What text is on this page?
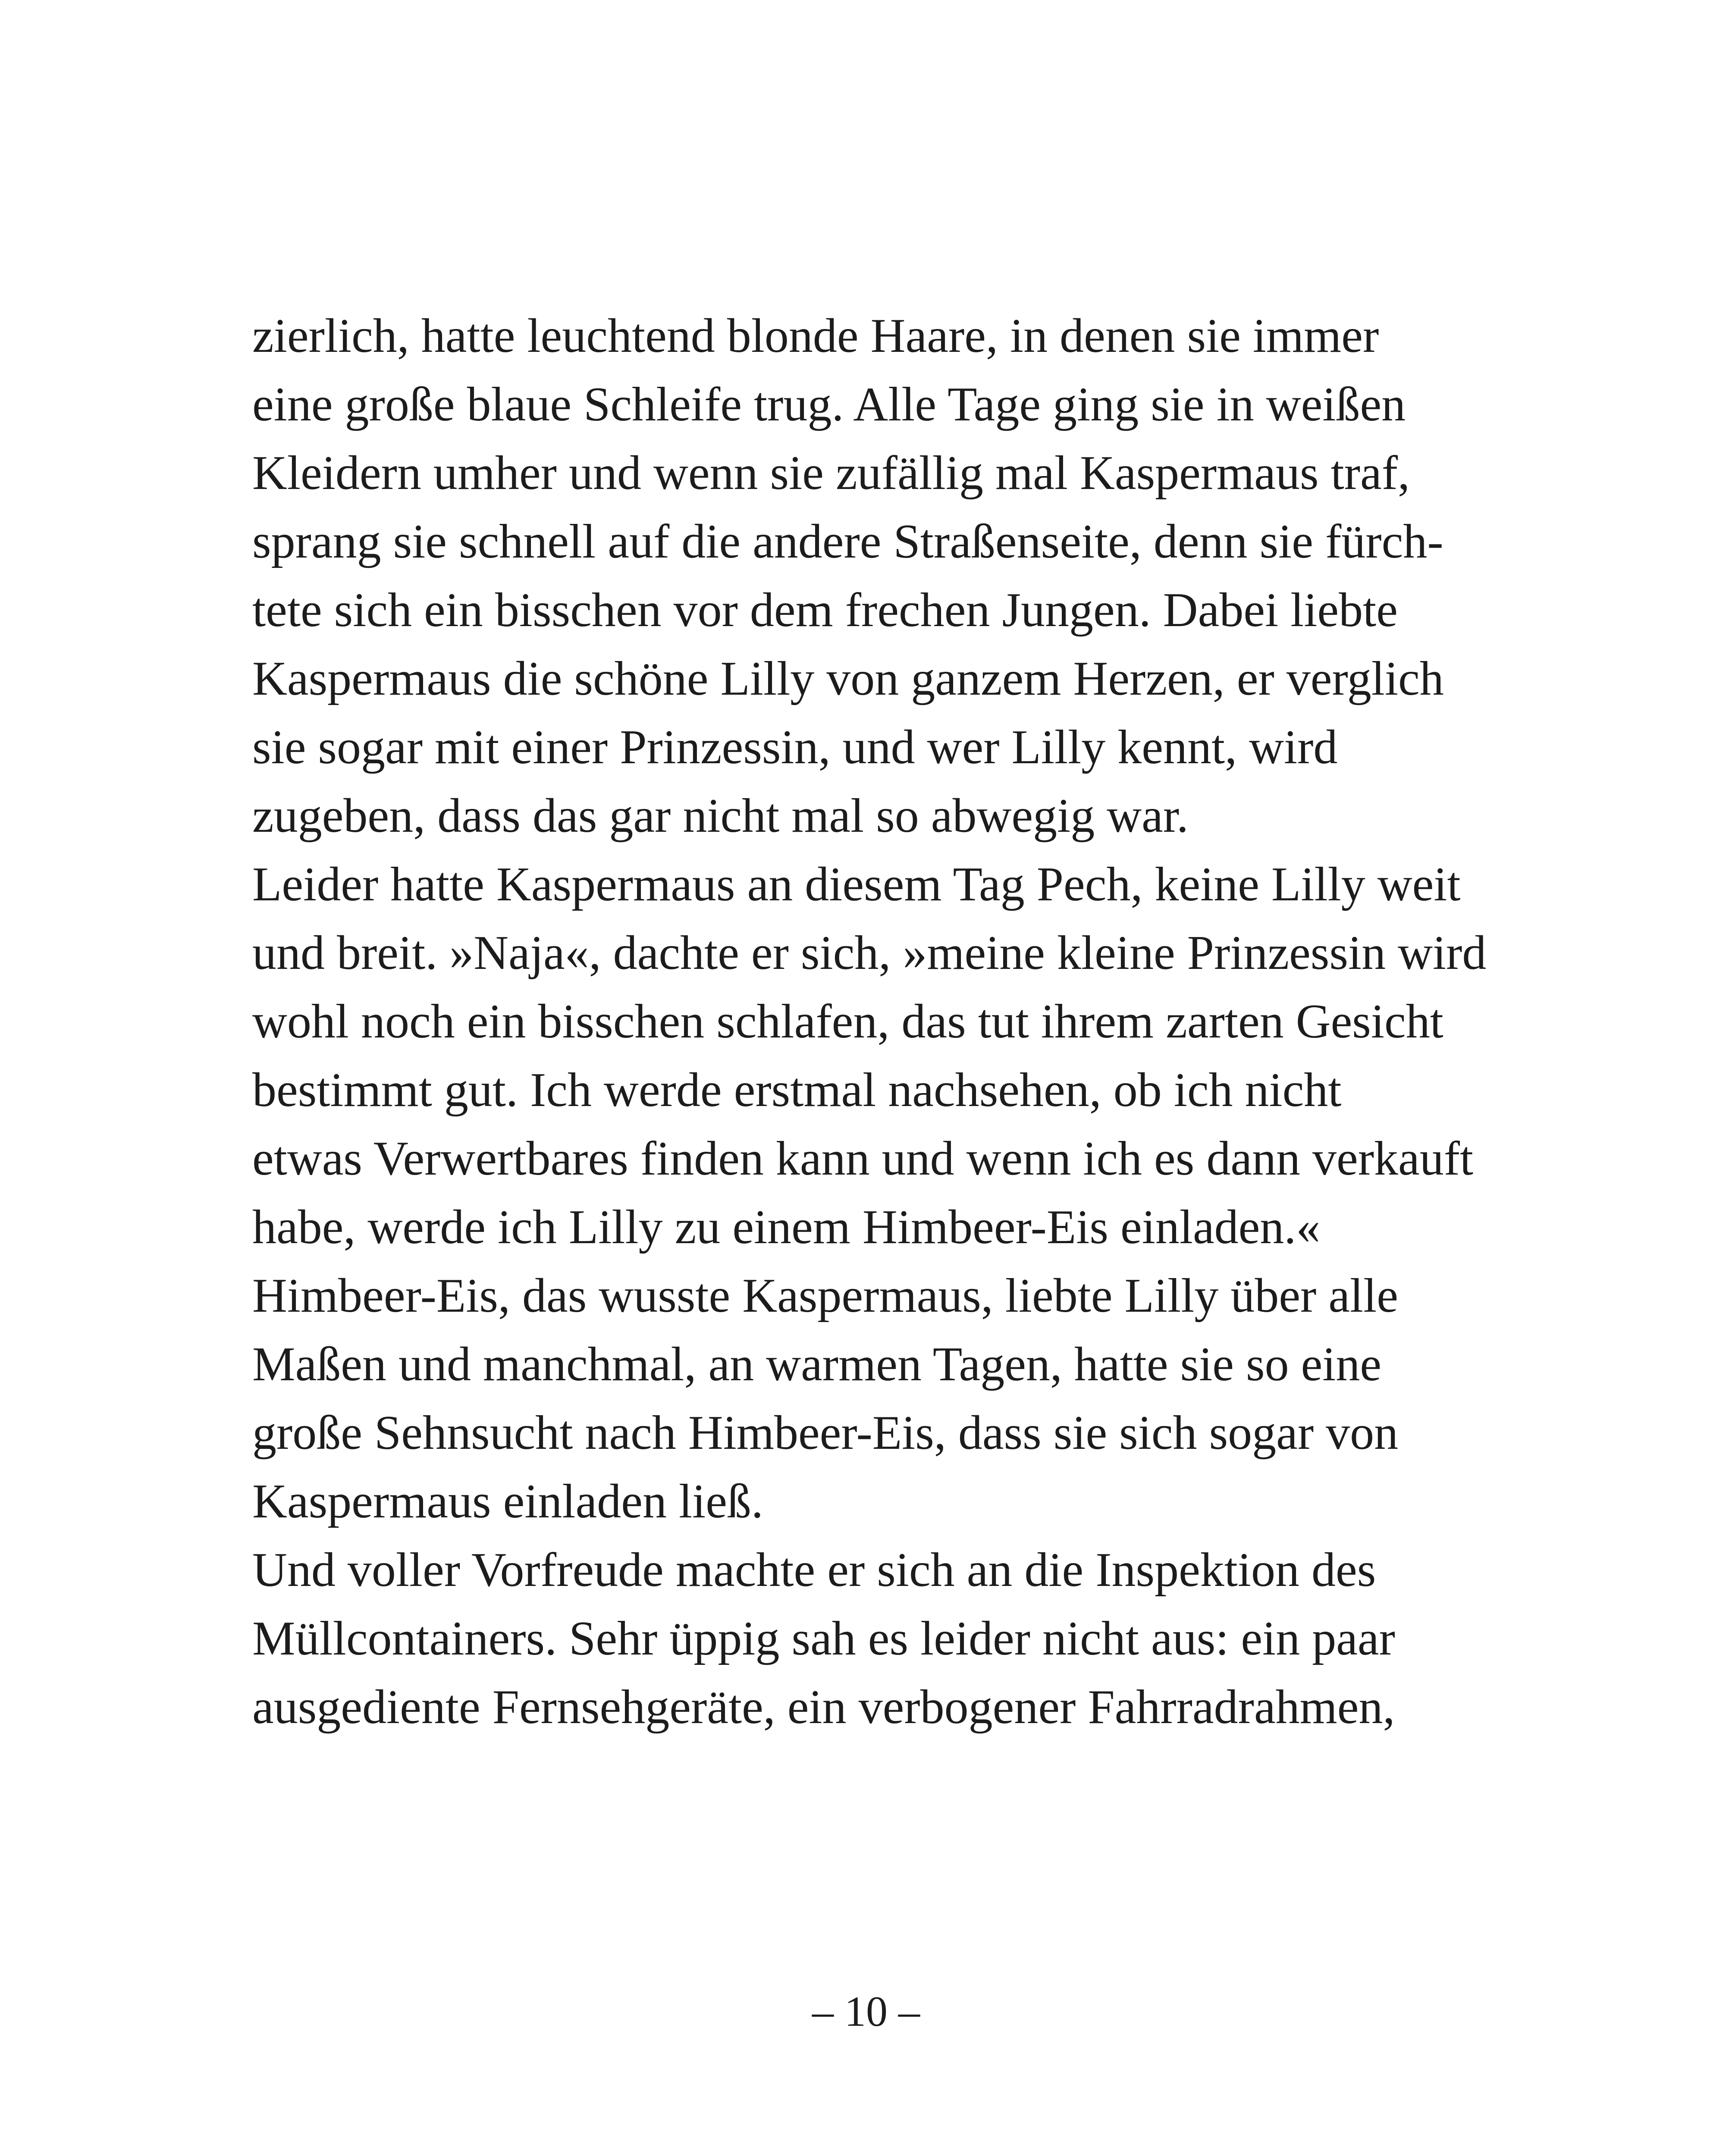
zierlich, hatte leuchtend blonde Haare, in denen sie immer
eine große blaue Schleife trug. Alle Tage ging sie in weißen
Kleidern umher und wenn sie zufällig mal Kaspermaus traf,
sprang sie schnell auf die andere Straßenseite, denn sie fürch-
tete sich ein bisschen vor dem frechen Jungen. Dabei liebte
Kaspermaus die schöne Lilly von ganzem Herzen, er verglich
sie sogar mit einer Prinzessin, und wer Lilly kennt, wird
zugeben, dass das gar nicht mal so abwegig war.
Leider hatte Kaspermaus an diesem Tag Pech, keine Lilly weit
und breit. »Naja«, dachte er sich, »meine kleine Prinzessin wird
wohl noch ein bisschen schlafen, das tut ihrem zarten Gesicht
bestimmt gut. Ich werde erstmal nachsehen, ob ich nicht
etwas Verwertbares finden kann und wenn ich es dann verkauft
habe, werde ich Lilly zu einem Himbeer-Eis einladen.«
Himbeer-Eis, das wusste Kaspermaus, liebte Lilly über alle
Maßen und manchmal, an warmen Tagen, hatte sie so eine
große Sehnsucht nach Himbeer-Eis, dass sie sich sogar von
Kaspermaus einladen ließ.
Und voller Vorfreude machte er sich an die Inspektion des
Müllcontainers. Sehr üppig sah es leider nicht aus: ein paar
ausgediente Fernsehgeräte, ein verbogener Fahrradrahmen,
– 10 –
